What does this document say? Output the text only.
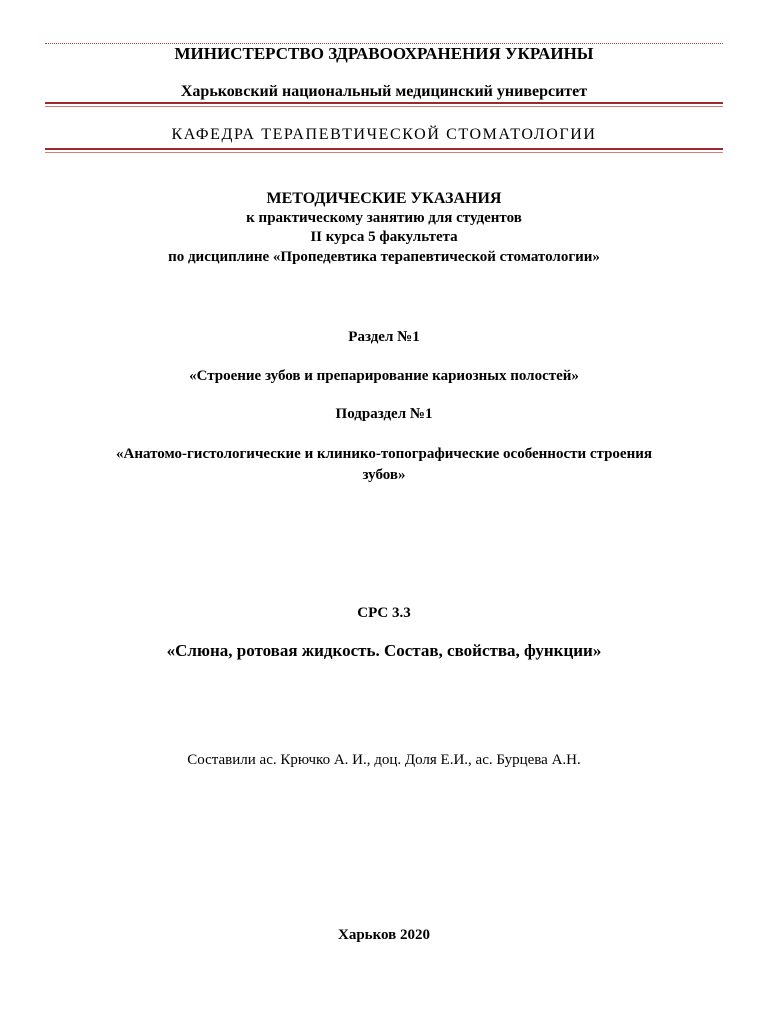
МИНИСТЕРСТВО ЗДРАВООХРАНЕНИЯ УКРАИНЫ
Харьковский национальный медицинский университет
КАФЕДРА ТЕРАПЕВТИЧЕСКОЙ СТОМАТОЛОГИИ
МЕТОДИЧЕСКИЕ УКАЗАНИЯ
к практическому занятию для студентов
II курса 5 факультета
по дисциплине «Пропедевтика терапевтической стоматологии»
Раздел №1
«Строение зубов и препарирование кариозных полостей»
Подраздел №1
«Анатомо-гистологические и клинико-топографические особенности строения
зубов»
СРС 3.3
«Слюна, ротовая жидкость. Состав, свойства, функции»
Составили ас. Крючко А. И., доц. Доля Е.И., ас. Бурцева А.Н.
Харьков 2020
